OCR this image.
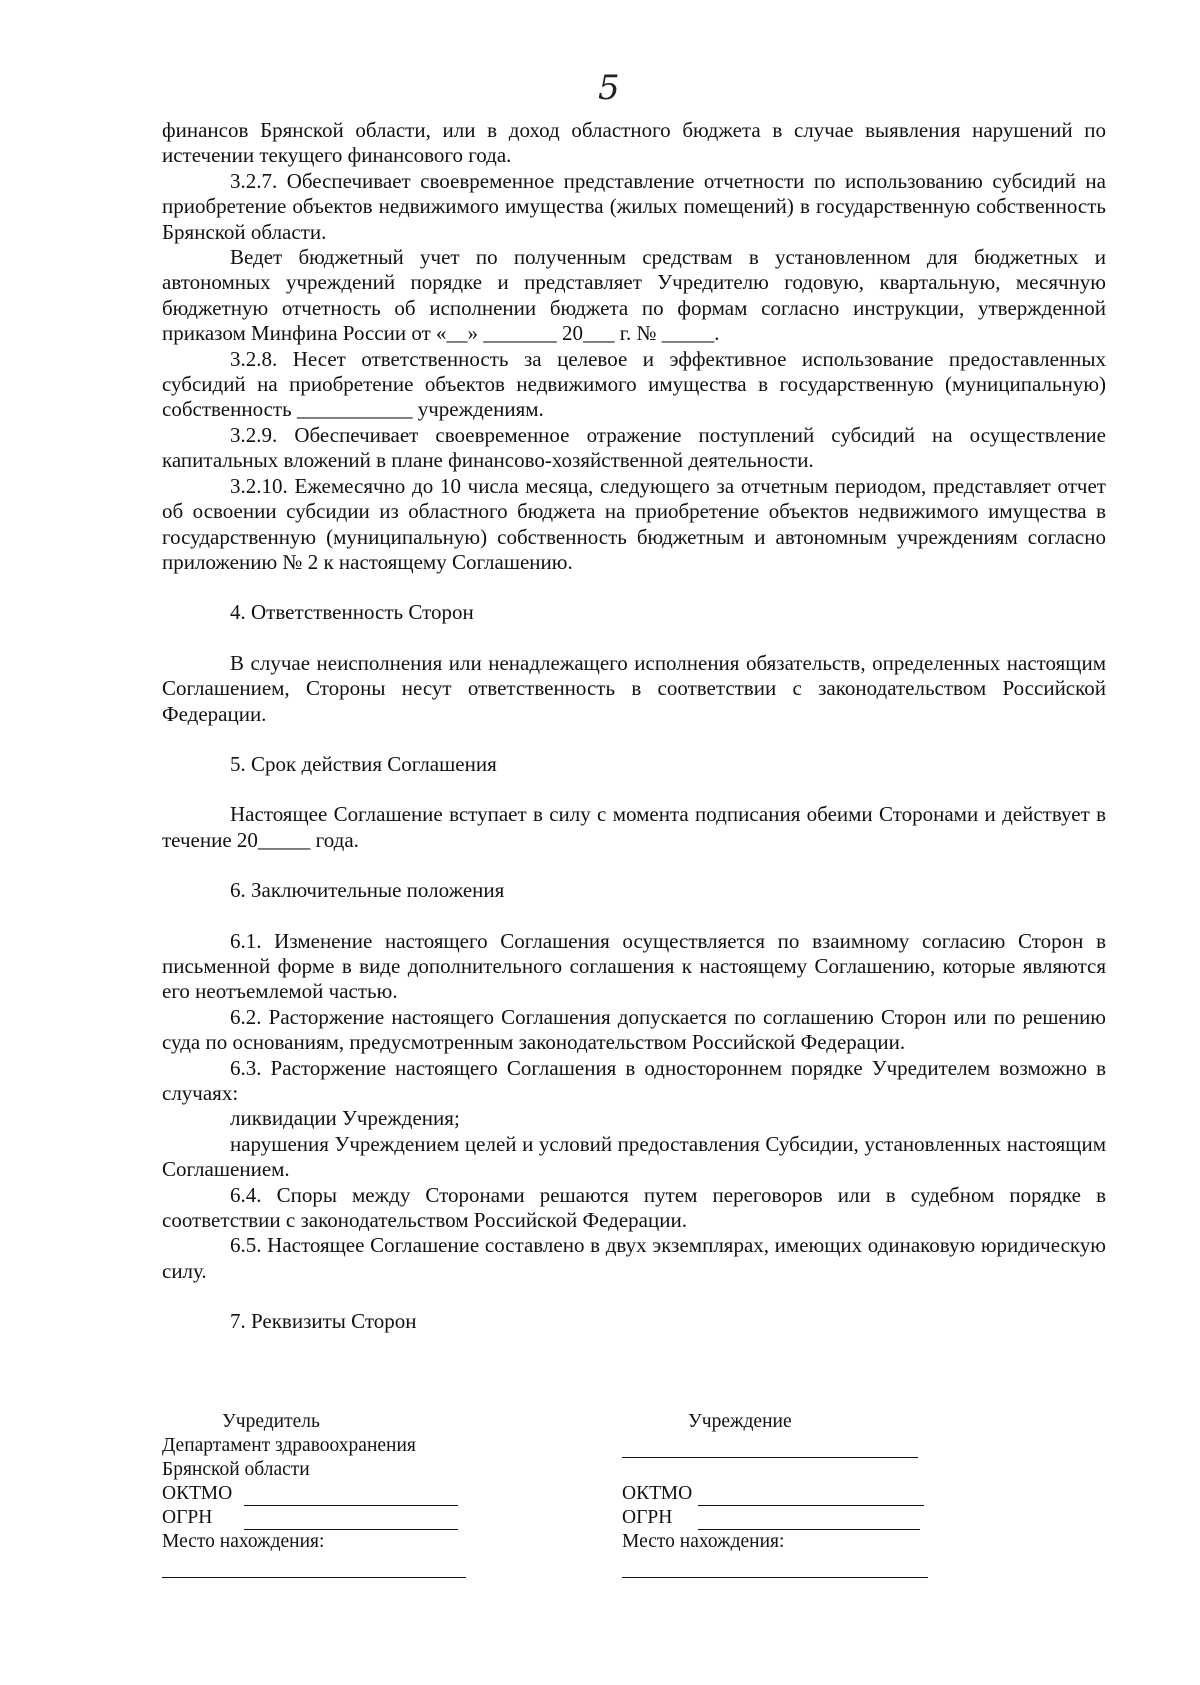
5

финансов Брянской области, или в доход областного бюджета в случае выявления нарушений по истечении текущего финансового года.

3.2.7. Обеспечивает своевременное представление отчетности по использованию субсидий на приобретение объектов недвижимого имущества (жилых помещений) в государственную собственность Брянской области.

Ведет бюджетный учет по полученным средствам в установленном для бюджетных и автономных учреждений порядке и представляет Учредителю годовую, квартальную, месячную бюджетную отчетность об исполнении бюджета по формам согласно инструкции, утвержденной приказом Минфина России от «__» _______ 20___ г. № _____.

3.2.8. Несет ответственность за целевое и эффективное использование предоставленных субсидий на приобретение объектов недвижимого имущества в государственную (муниципальную) собственность ___________ учреждениям.

3.2.9. Обеспечивает своевременное отражение поступлений субсидий на осуществление капитальных вложений в плане финансово-хозяйственной деятельности.

3.2.10. Ежемесячно до 10 числа месяца, следующего за отчетным периодом, представляет отчет об освоении субсидии из областного бюджета на приобретение объектов недвижимого имущества в государственную (муниципальную) собственность бюджетным и автономным учреждениям согласно приложению № 2 к настоящему Соглашению.

4. Ответственность Сторон

В случае неисполнения или ненадлежащего исполнения обязательств, определенных настоящим Соглашением, Стороны несут ответственность в соответствии с законодательством Российской Федерации.

5. Срок действия Соглашения

Настоящее Соглашение вступает в силу с момента подписания обеими Сторонами и действует в течение 20_____ года.

6. Заключительные положения

6.1. Изменение настоящего Соглашения осуществляется по взаимному согласию Сторон в письменной форме в виде дополнительного соглашения к настоящему Соглашению, которые являются его неотъемлемой частью.

6.2. Расторжение настоящего Соглашения допускается по соглашению Сторон или по решению суда по основаниям, предусмотренным законодательством Российской Федерации.

6.3. Расторжение настоящего Соглашения в одностороннем порядке Учредителем возможно в случаях:

ликвидации Учреждения;

нарушения Учреждением целей и условий предоставления Субсидии, установленных настоящим Соглашением.

6.4. Споры между Сторонами решаются путем переговоров или в судебном порядке в соответствии с законодательством Российской Федерации.

6.5. Настоящее Соглашение составлено в двух экземплярах, имеющих одинаковую юридическую силу.

7. Реквизиты Сторон

Учредитель
Департамент здравоохранения
Брянской области
ОКТМО
ОГРН
Место нахождения:
Учреждение
ОКТМО
ОГРН
Место нахождения:
